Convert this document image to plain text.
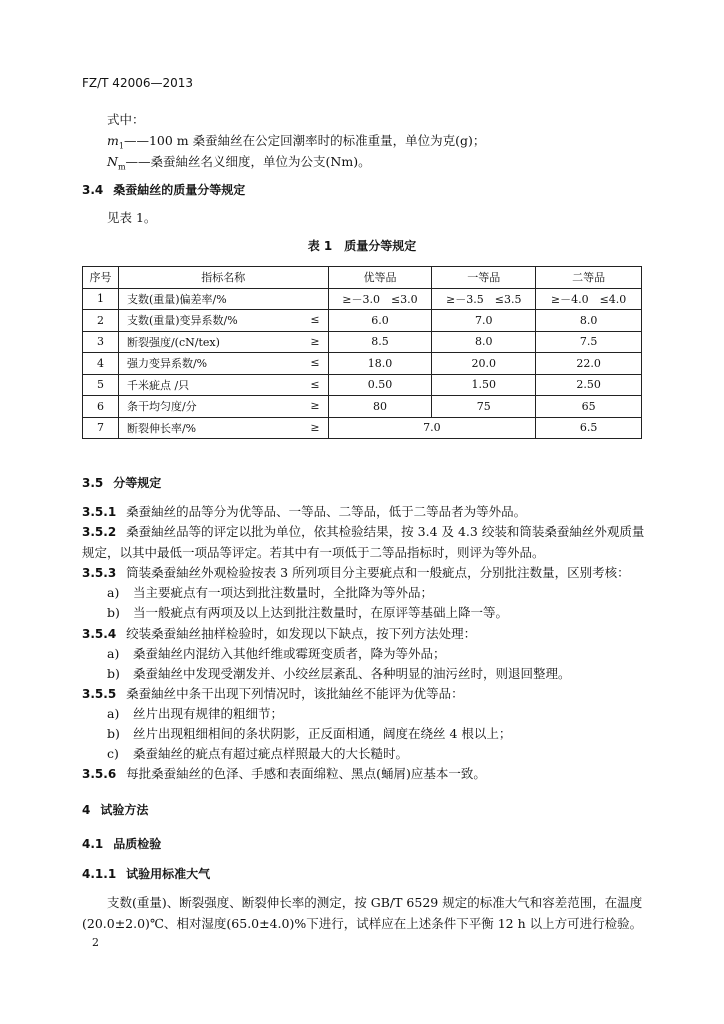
FZ/T 42006—2013
式中：
$m_1——100$ m 桑蚕紬丝在公定回潮率时的标准重量，单位为克(g)；
$N_m——$桑蚕紬丝名义细度，单位为公支(Nm)。
3.4 桑蚕紬丝的质量分等规定
见表 1。
表 1　质量分等规定
序号	指标名称	优等品	一等品	二等品
1	支数(重量)偏差率/%	≥－3.0　≤3.0	≥－3.5　≤3.5	≥－4.0　≤4.0
2	支数(重量)变异系数/% ≤	6.0	7.0	8.0
3	断裂强度/(cN/tex) ≥	8.5	8.0	7.5
4	强力变异系数/% ≤	18.0	20.0	22.0
5	千米疵点 /只 ≤	0.50	1.50	2.50
6	条干均匀度/分 ≥	80	75	65
7	断裂伸长率/% ≥	7.0		6.5
3.5 分等规定
3.5.1 桑蚕紬丝的品等分为优等品、一等品、二等品，低于二等品者为等外品。
3.5.2 桑蚕紬丝品等的评定以批为单位，依其检验结果，按 3.4 及 4.3 绞装和筒装桑蚕紬丝外观质量
规定，以其中最低一项品等评定。若其中有一项低于二等品指标时，则评为等外品。
3.5.3 筒装桑蚕紬丝外观检验按表 3 所列项目分主要疵点和一般疵点，分别批注数量，区别考核：
a) 当主要疵点有一项达到批注数量时，全批降为等外品；
b) 当一般疵点有两项及以上达到批注数量时，在原评等基础上降一等。
3.5.4 绞装桑蚕紬丝抽样检验时，如发现以下缺点，按下列方法处理：
a) 桑蚕紬丝内混纺入其他纤维或霉斑变质者，降为等外品；
b) 桑蚕紬丝中发现受潮发并、小绞丝层紊乱、各种明显的油污丝时，则退回整理。
3.5.5 桑蚕紬丝中条干出现下列情况时，该批紬丝不能评为优等品：
a) 丝片出现有规律的粗细节；
b) 丝片出现粗细相间的条状阴影，正反面相通，阔度在绕丝 4 根以上；
c) 桑蚕紬丝的疵点有超过疵点样照最大的大长糙时。
3.5.6 每批桑蚕紬丝的色泽、手感和表面绵粒、黑点(蛹屑)应基本一致。
4 试验方法
4.1 品质检验
4.1.1 试验用标准大气
支数(重量)、断裂强度、断裂伸长率的测定，按 GB/T 6529 规定的标准大气和容差范围，在温度
(20.0±2.0)℃、相对湿度(65.0±4.0)%下进行，试样应在上述条件下平衡 12 h 以上方可进行检验。
2
